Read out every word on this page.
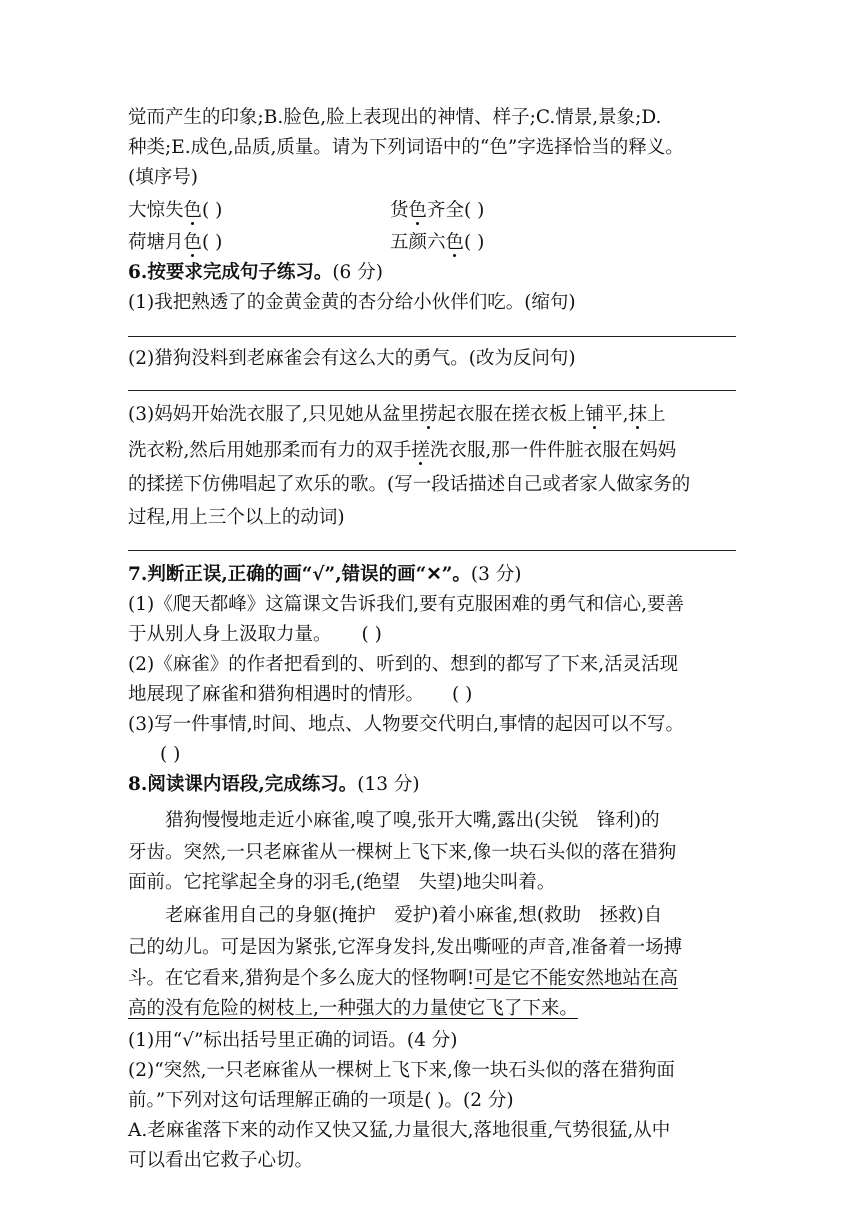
觉而产生的印象;B.脸色,脸上表现出的神情、样子;C.情景,景象;D.
种类;E.成色,品质,质量。请为下列词语中的“色”字选择恰当的释义。
(填序号)
大惊失色( )	货色齐全( )
荷塘月色( )	五颜六色( )
6.按要求完成句子练习。(6 分)
(1)我把熟透了的金黄金黄的杏分给小伙伴们吃。(缩句)
(2)猎狗没料到老麻雀会有这么大的勇气。(改为反问句)
(3)妈妈开始洗衣服了,只见她从盆里捞起衣服在搓衣板上铺平,抹上
洗衣粉,然后用她那柔而有力的双手搓洗衣服,那一件件脏衣服在妈妈
的揉搓下仿佛唱起了欢乐的歌。(写一段话描述自己或者家人做家务的
过程,用上三个以上的动词)
7.判断正误,正确的画“√”,错误的画“✕”。(3 分)
(1)《爬天都峰》这篇课文告诉我们,要有克服困难的勇气和信心,要善
于从别人身上汲取力量。 ( )
(2)《麻雀》的作者把看到的、听到的、想到的都写了下来,活灵活现
地展现了麻雀和猎狗相遇时的情形。 ( )
(3)写一件事情,时间、地点、人物要交代明白,事情的起因可以不写。
( )
8.阅读课内语段,完成练习。(13 分)
猎狗慢慢地走近小麻雀,嗅了嗅,张开大嘴,露出(尖锐　锋利)的
牙齿。突然,一只老麻雀从一棵树上飞下来,像一块石头似的落在猎狗
面前。它挓挲起全身的羽毛,(绝望　失望)地尖叫着。
老麻雀用自己的身躯(掩护　爱护)着小麻雀,想(救助　拯救)自
己的幼儿。可是因为紧张,它浑身发抖,发出嘶哑的声音,准备着一场搏
斗。在它看来,猎狗是个多么庞大的怪物啊!可是它不能安然地站在高
高的没有危险的树枝上,一种强大的力量使它飞了下来。
(1)用“√”标出括号里正确的词语。(4 分)
(2)“突然,一只老麻雀从一棵树上飞下来,像一块石头似的落在猎狗面
前。”下列对这句话理解正确的一项是( )。(2 分)
A.老麻雀落下来的动作又快又猛,力量很大,落地很重,气势很猛,从中
可以看出它救子心切。
